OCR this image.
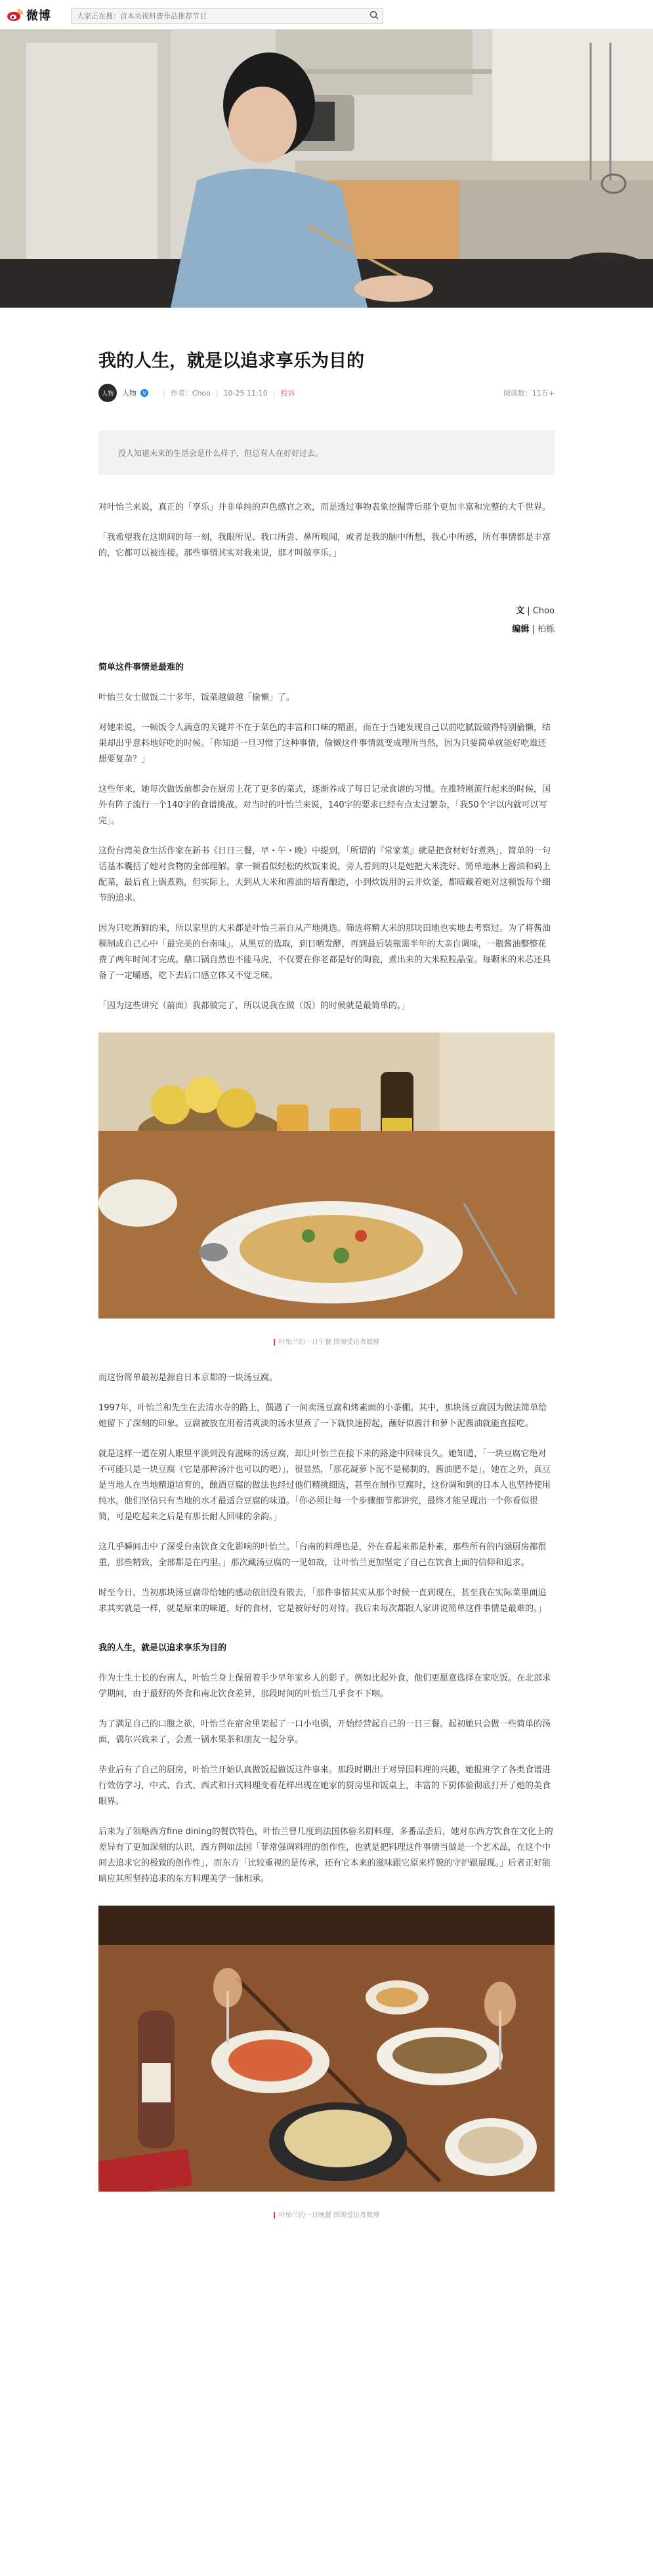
微博
大家正在搜：首本央视科普作品推荐节目
我的人生，就是以追求享乐为目的
人物	人物	V | 作者：Choo | 10-25 11:10 | 投诉	阅读数：11万+
没人知道未来的生活会是什么样子，但总有人在好好过去。

对叶怡兰来说，真正的「享乐」并非单纯的声色感官之欢，而是透过事物表象挖掘背后那个更加丰富和完整的大千世界。

「我希望我在这期间的每一刻，我眼所见、我口所尝、鼻所嗅闻，或者是我的脑中所想，我心中所感，所有事情都是丰富的，它都可以被连接。那些事情其实对我来说，那才叫做享乐。」

文 | Choo
编辑 | 柏栎
简单这件事情是最难的

叶怡兰女士做饭二十多年，饭菜越做越「偷懒」了。

对她来说，一顿饭令人满意的关键并不在于菜色的丰富和口味的精湛，而在于当她发现自己以前吃腻饭做得特别偷懒，结果却出乎意料地好吃的时候。「你知道一旦习惯了这种事情，偷懒这件事情就变成理所当然，因为只要简单就能好吃谁还想要复杂？」

这些年来，她每次做饭前都会在厨房上花了更多的菜式，逐渐养成了每日记录食谱的习惯。在推特刚流行起来的时候，国外有阵子流行一个140字的食谱挑战。对当时的叶怡兰来说，140字的要求已经有点太过繁杂，「我50个字以内就可以写完」。

这份台湾美食生活作家在新书《日日三餐，早・午・晚》中提到，「所谓的『常家菜』就是把食材好好煮熟」，简单的一句话基本囊括了她对食物的全部理解。拿一顿看似轻松的炊饭来说，旁人看到的只是她把大米洗好、简单地淋上酱油和码上配菜，最后直上锅煮熟，但实际上，大到从大米和酱油的培育酿造，小到炊饭用的云井炊釜，都暗藏着她对这顿饭每个细节的追求。

因为只吃新鲜的米，所以家里的大米都是叶怡兰亲自从产地挑选。筛选将精大米的那块田地也实地去考察过。为了将酱油稠制成自己心中「最完美的台南味」，从黑豆的选取，到日晒发酵，再到最后装瓶需半年的大亲自调味，一瓶酱油整整花费了两年时间才完成。鼎口锅自然也不能马虎，不仅要在你老都是好的陶瓷，煮出来的大米粒粒晶莹。每颗米的米芯还具备了一定嚼感，吃下去后口感立体又不觉乏味。

「因为这些讲究（前面）我都做完了，所以说我在做（饭）的时候就是最简单的。」

叶怡兰的一日午餐 图源受访者微博

而这份简单最初是源自日本京都的一块汤豆腐。

1997年，叶怡兰和先生在去清水寺的路上，偶遇了一间卖汤豆腐和烤素面的小茶棚。其中，那块汤豆腐因为做法简单给她留下了深刻的印象。豆腐被放在用着清爽淡的汤水里煮了一下就快速捞起，蘸好似酱汁和萝卜泥酱油就能直接吃。

就是这样一道在别人眼里平淡到没有滋味的汤豆腐，却让叶怡兰在接下来的路途中回味良久。她知道，「一块豆腐它绝对不可能只是一块豆腐（它是那种汤汁也可以的吧）」，很显然，「那花凝萝卜泥不是秘制的，酱油肥不是」，她在之外，真豆是当地人在当地精道培育的，酿酒豆腐的做法也经过他们精挑细选，甚至在制作豆腐时，这份调和到的日本人也坚持使用纯水，他们坚信只有当地的水才最适合豆腐的味道。「你必须让每一个步骤细节都讲究，最终才能呈现出一个你看似很简，可是吃起来之后是有那长耐人回味的余韵。」

这几乎瞬间击中了深受台南饮食文化影响的叶怡兰。「台南的料理也是，外在看起来都是朴素，那些所有的内涵厨房都很重，那些精致，全部都是在内里。」那次藏汤豆腐的一见如故，让叶怡兰更加坚定了自己在饮食上面的信仰和追求。

时至今日，当初那块汤豆腐带给她的感动依旧没有散去，「那件事情其实从那个时候一直到现在，甚至我在实际菜里面追求其实就是一样，就是原来的味道，好的食材，它是被好好的对待。我后来每次都跟人家讲说简单这件事情是最难的。」

我的人生，就是以追求享乐为目的

作为土生土长的台南人，叶怡兰身上保留着手少早年家乡人的影子。例如比起外食，他们更愿意选择在家吃饭。在北部求学期间，由于最舒的外食和南北饮食差异，那段时间的叶怡兰几乎食不下咽。

为了满足自己的口腹之欲，叶怡兰在宿舍里架起了一口小电锅，开始经营起自己的一日三餐。起初她只会做一些简单的汤面，偶尔兴致来了，会煮一锅水果茶和朋友一起分享。

毕业后有了自己的厨房，叶怡兰开始认真做饭起做饭这件事来。那段时期出于对异国料理的兴趣，她报班学了各类食谱进行效仿学习，中式、台式、西式和日式料理变着花样出现在她家的厨房里和饭桌上，丰富的下厨体验彻底打开了她的美食眼界。

后来为了领略西方fine dining的餐饮特色，叶怡兰曾几度到法国体验名厨料理，多番品尝后，她对东西方饮食在文化上的差异有了更加深刻的认识，西方例如法国「菲常强调料理的创作性，也就是把料理这件事情当做是一个艺术品，在这个中间去追求它的极致的创作性」，而东方「比较重视的是传承，还有它本来的滋味跟它原来样貌的守护跟展现。」后者正好能暗应其所坚持追求的东方料理美学一脉相承。

叶怡兰的一日晚餐 图源受访者微博
